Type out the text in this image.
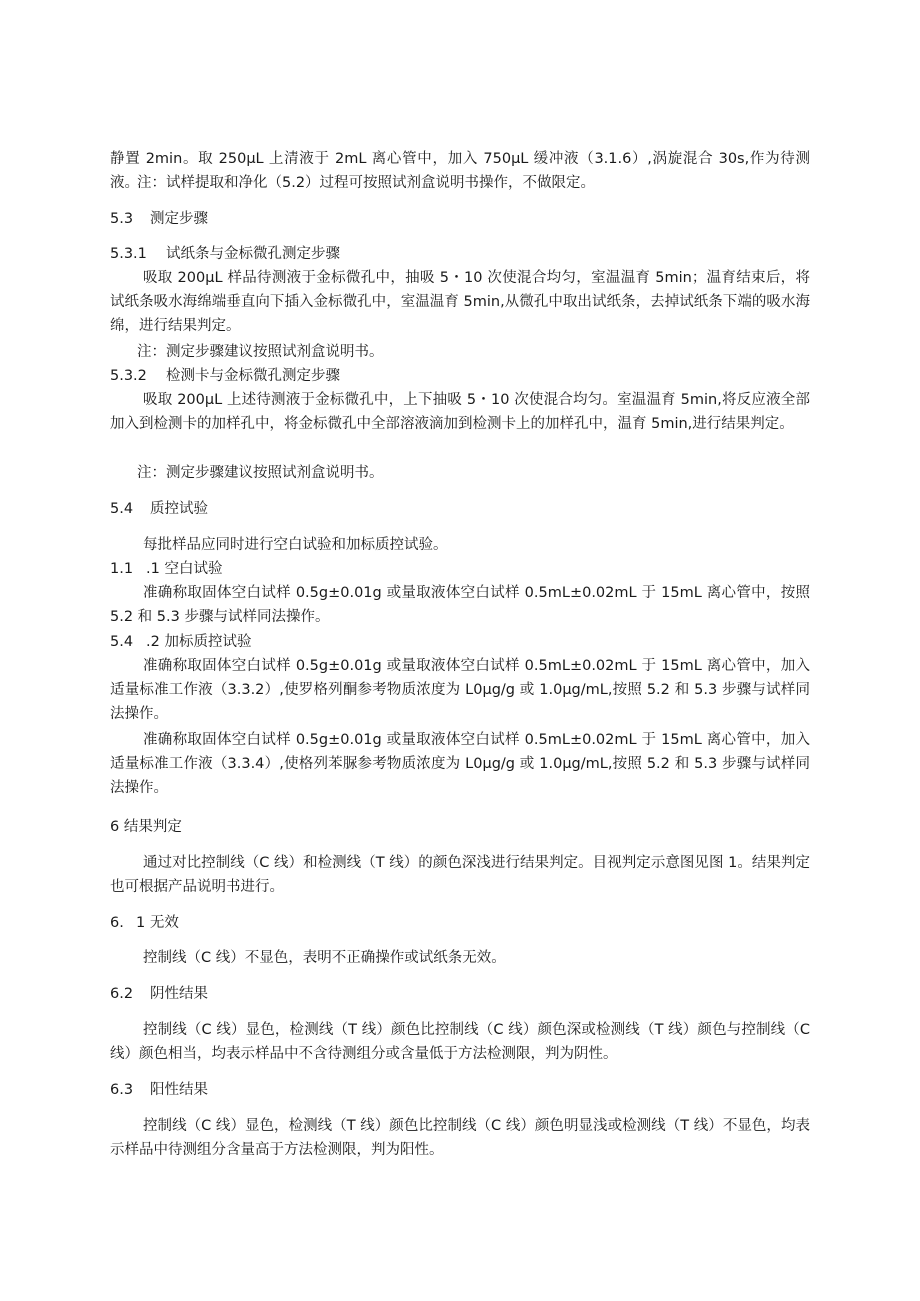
静置 2min。取 250μL 上清液于 2mL 离心管中，加入 750μL 缓冲液（3.1.6）,涡旋混合 30s,作为待测液。
注：试样提取和净化（5.2）过程可按照试剂盒说明书操作，不做限定。
5.3 测定步骤
5.3.1 试纸条与金标微孔测定步骤
吸取 200μL 样品待测液于金标微孔中，抽吸 5・10 次使混合均匀，室温温育 5min；温育结束后，将试纸条吸水海绵端垂直向下插入金标微孔中，室温温育 5min,从微孔中取出试纸条，去掉试纸条下端的吸水海绵，进行结果判定。
注：测定步骤建议按照试剂盒说明书。
5.3.2 检测卡与金标微孔测定步骤
吸取 200μL 上述待测液于金标微孔中，上下抽吸 5・10 次使混合均匀。室温温育 5min,将反应液全部加入到检测卡的加样孔中，将金标微孔中全部溶液滴加到检测卡上的加样孔中，温育 5min,进行结果判定。
注：测定步骤建议按照试剂盒说明书。
5.4 质控试验
每批样品应同时进行空白试验和加标质控试验。
1.1 .1 空白试验
准确称取固体空白试样 0.5g±0.01g 或量取液体空白试样 0.5mL±0.02mL 于 15mL 离心管中，按照 5.2 和 5.3 步骤与试样同法操作。
5.4 .2 加标质控试验
准确称取固体空白试样 0.5g±0.01g 或量取液体空白试样 0.5mL±0.02mL 于 15mL 离心管中，加入适量标准工作液（3.3.2）,使罗格列酮参考物质浓度为 L0μg∕g 或 1.0μg∕mL,按照 5.2 和 5.3 步骤与试样同法操作。
准确称取固体空白试样 0.5g±0.01g 或量取液体空白试样 0.5mL±0.02mL 于 15mL 离心管中，加入适量标准工作液（3.3.4）,使格列苯脲参考物质浓度为 L0μg∕g 或 1.0μg∕mL,按照 5.2 和 5.3 步骤与试样同法操作。
6 结果判定
通过对比控制线（C 线）和检测线（T 线）的颜色深浅进行结果判定。目视判定示意图见图 1。结果判定也可根据产品说明书进行。
6. 1 无效
控制线（C 线）不显色，表明不正确操作或试纸条无效。
6.2 阴性结果
控制线（C 线）显色，检测线（T 线）颜色比控制线（C 线）颜色深或检测线（T 线）颜色与控制线（C 线）颜色相当，均表示样品中不含待测组分或含量低于方法检测限，判为阴性。
6.3 阳性结果
控制线（C 线）显色，检测线（T 线）颜色比控制线（C 线）颜色明显浅或检测线（T 线）不显色，均表示样品中待测组分含量高于方法检测限，判为阳性。
